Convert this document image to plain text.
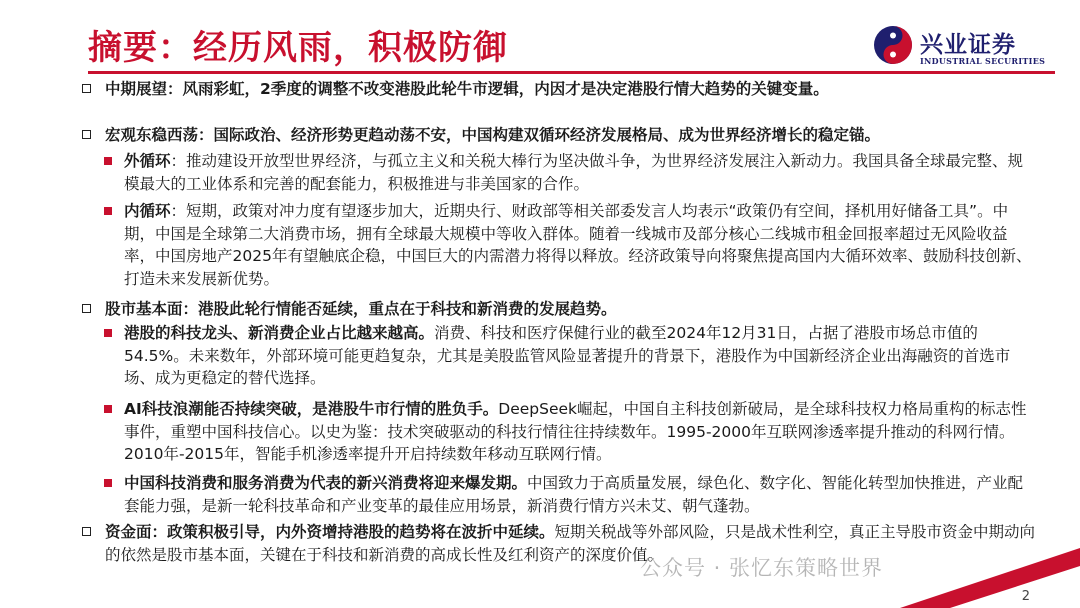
摘要：经历风雨，积极防御	兴业证券
INDUSTRIAL SECURITIES
中期展望：风雨彩虹，2季度的调整不改变港股此轮牛市逻辑，内因才是决定港股行情大趋势的关键变量。
宏观东稳西荡：国际政治、经济形势更趋动荡不安，中国构建双循环经济发展格局、成为世界经济增长的稳定锚。
外循环：推动建设开放型世界经济，与孤立主义和关税大棒行为坚决做斗争，为世界经济发展注入新动力。我国具备全球最完整、规模最大的工业体系和完善的配套能力，积极推进与非美国家的合作。
内循环：短期，政策对冲力度有望逐步加大，近期央行、财政部等相关部委发言人均表示“政策仍有空间，择机用好储备工具”。中期，中国是全球第二大消费市场，拥有全球最大规模中等收入群体。随着一线城市及部分核心二线城市租金回报率超过无风险收益率，中国房地产2025年有望触底企稳，中国巨大的内需潜力将得以释放。经济政策导向将聚焦提高国内大循环效率、鼓励科技创新、打造未来发展新优势。
股市基本面：港股此轮行情能否延续，重点在于科技和新消费的发展趋势。
港股的科技龙头、新消费企业占比越来越高。消费、科技和医疗保健行业的截至2024年12月31日，占据了港股市场总市值的54.5%。未来数年，外部环境可能更趋复杂，尤其是美股监管风险显著提升的背景下，港股作为中国新经济企业出海融资的首选市场、成为更稳定的替代选择。
AI科技浪潮能否持续突破，是港股牛市行情的胜负手。DeepSeek崛起，中国自主科技创新破局，是全球科技权力格局重构的标志性事件，重塑中国科技信心。以史为鉴：技术突破驱动的科技行情往往持续数年。1995-2000年互联网渗透率提升推动的科网行情。2010年-2015年，智能手机渗透率提升开启持续数年移动互联网行情。
中国科技消费和服务消费为代表的新兴消费将迎来爆发期。中国致力于高质量发展，绿色化、数字化、智能化转型加快推进，产业配套能力强，是新一轮科技革命和产业变革的最佳应用场景，新消费行情方兴未艾、朝气蓬勃。
资金面：政策积极引导，内外资增持港股的趋势将在波折中延续。短期关税战等外部风险，只是战术性利空，真正主导股市资金中期动向的依然是股市基本面，关键在于科技和新消费的高成长性及红利资产的深度价值。
公众号 · 张忆东策略世界
2
